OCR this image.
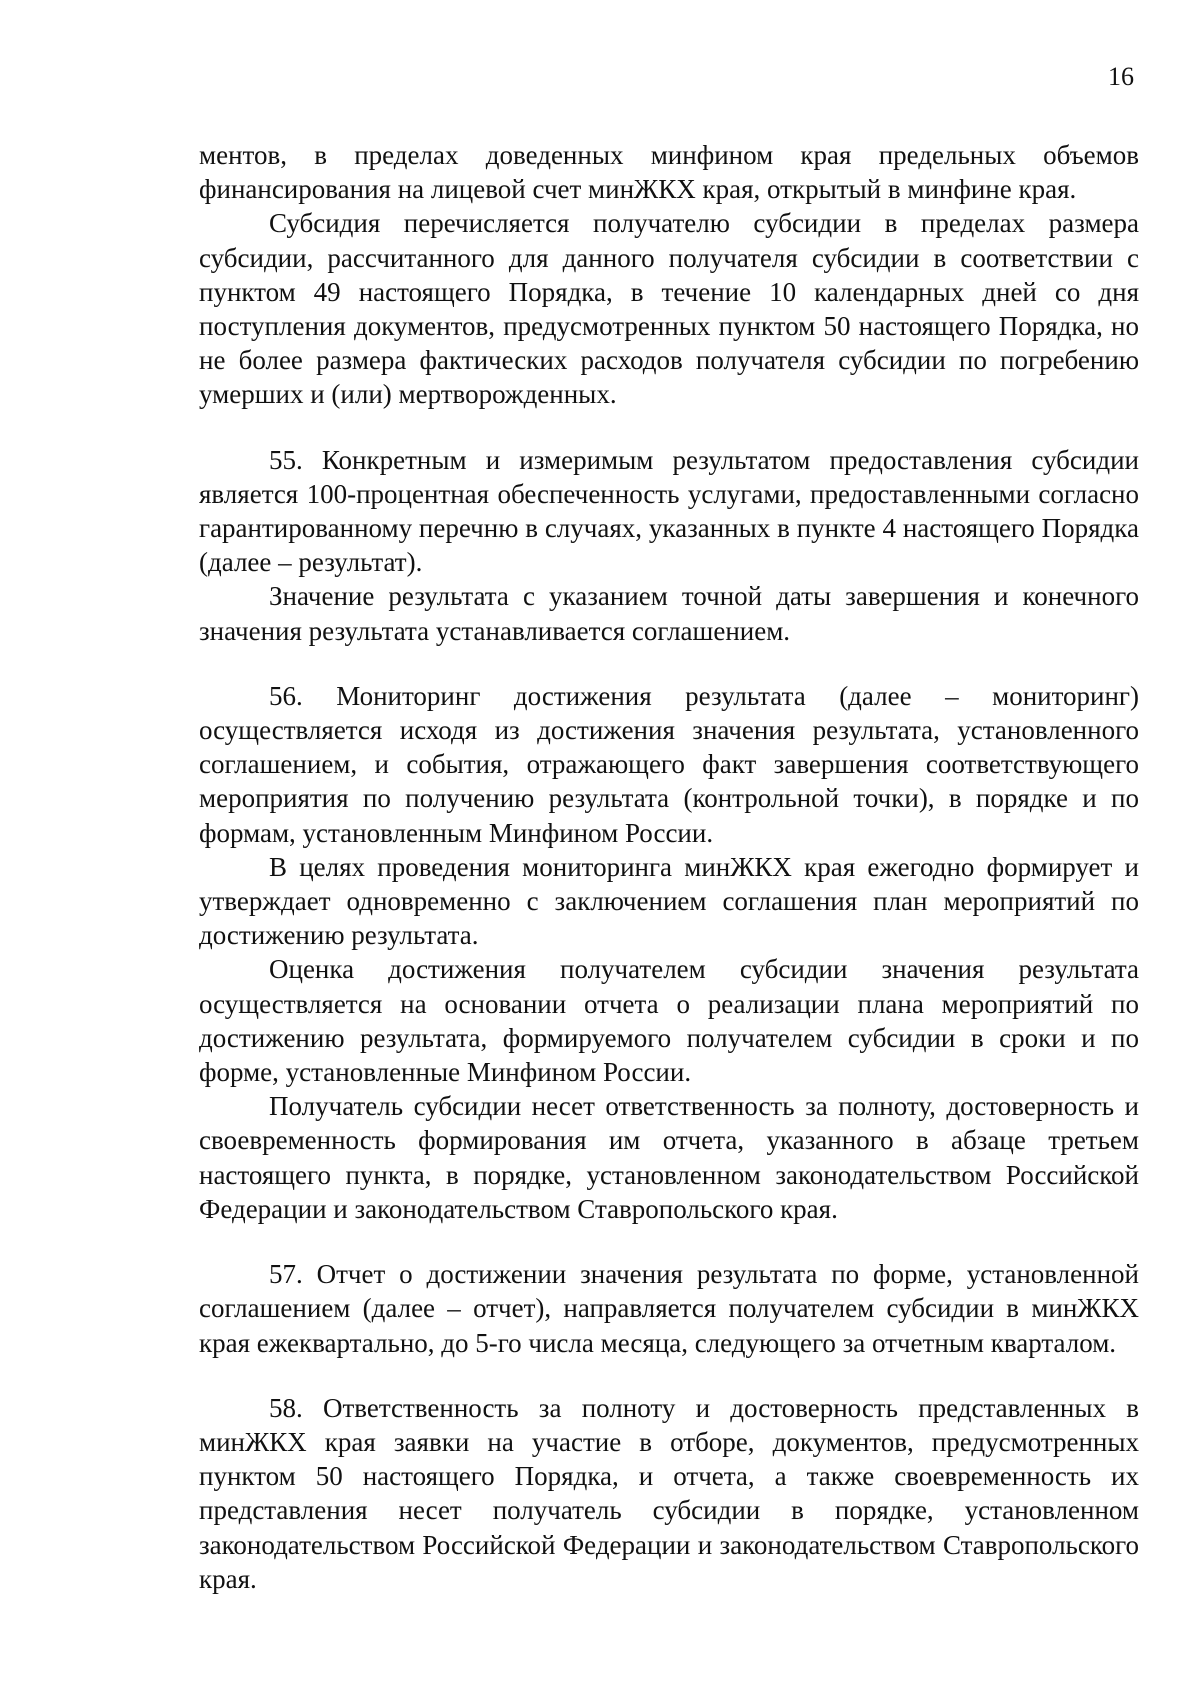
16

ментов, в пределах доведенных минфином края предельных объемов финансирования на лицевой счет минЖКХ края, открытый в минфине края.

Субсидия перечисляется получателю субсидии в пределах размера субсидии, рассчитанного для данного получателя субсидии в соответствии с пунктом 49 настоящего Порядка, в течение 10 календарных дней со дня поступления документов, предусмотренных пунктом 50 настоящего Порядка, но не более размера фактических расходов получателя субсидии по погребению умерших и (или) мертворожденных.

55. Конкретным и измеримым результатом предоставления субсидии является 100-процентная обеспеченность услугами, предоставленными согласно гарантированному перечню в случаях, указанных в пункте 4 настоящего Порядка (далее – результат).

Значение результата с указанием точной даты завершения и конечного значения результата устанавливается соглашением.

56. Мониторинг достижения результата (далее – мониторинг) осуществляется исходя из достижения значения результата, установленного соглашением, и события, отражающего факт завершения соответствующего мероприятия по получению результата (контрольной точки), в порядке и по формам, установленным Минфином России.

В целях проведения мониторинга минЖКХ края ежегодно формирует и утверждает одновременно с заключением соглашения план мероприятий по достижению результата.

Оценка достижения получателем субсидии значения результата осуществляется на основании отчета о реализации плана мероприятий по достижению результата, формируемого получателем субсидии в сроки и по форме, установленные Минфином России.

Получатель субсидии несет ответственность за полноту, достоверность и своевременность формирования им отчета, указанного в абзаце третьем настоящего пункта, в порядке, установленном законодательством Российской Федерации и законодательством Ставропольского края.

57. Отчет о достижении значения результата по форме, установленной соглашением (далее – отчет), направляется получателем субсидии в минЖКХ края ежеквартально, до 5-го числа месяца, следующего за отчетным кварталом.

58. Ответственность за полноту и достоверность представленных в минЖКХ края заявки на участие в отборе, документов, предусмотренных пунктом 50 настоящего Порядка, и отчета, а также своевременность их представления несет получатель субсидии в порядке, установленном законодательством Российской Федерации и законодательством Ставропольского края.
